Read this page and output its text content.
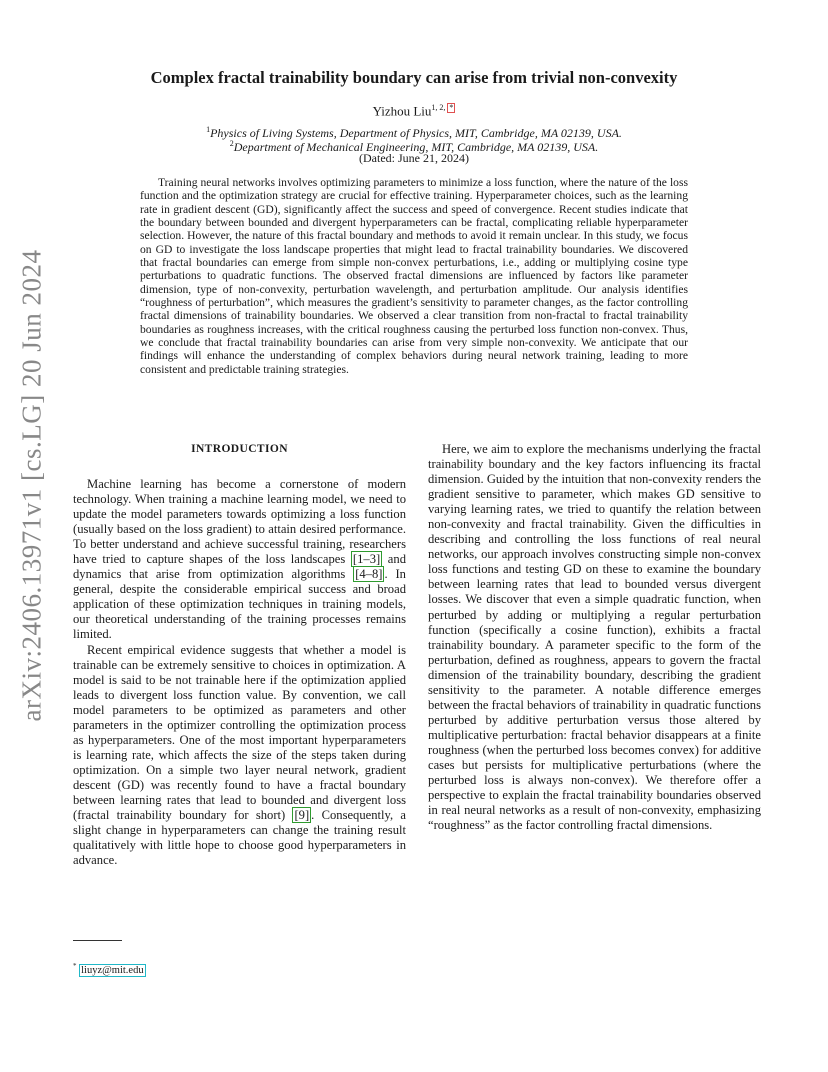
arXiv:2406.13971v1 [cs.LG] 20 Jun 2024
Complex fractal trainability boundary can arise from trivial non-convexity
Yizhou Liu$^{1, 2, *}$
$^1$Physics of Living Systems, Department of Physics, MIT, Cambridge, MA 02139, USA.
$^2$Department of Mechanical Engineering, MIT, Cambridge, MA 02139, USA.
(Dated: June 21, 2024)
Training neural networks involves optimizing parameters to minimize a loss function, where the nature of the loss function and the optimization strategy are crucial for effective training. Hyperparameter choices, such as the learning rate in gradient descent (GD), significantly affect the success and speed of convergence. Recent studies indicate that the boundary between bounded and divergent hyperparameters can be fractal, complicating reliable hyperparameter selection. However, the nature of this fractal boundary and methods to avoid it remain unclear. In this study, we focus on GD to investigate the loss landscape properties that might lead to fractal trainability boundaries. We discovered that fractal boundaries can emerge from simple non-convex perturbations, i.e., adding or multiplying cosine type perturbations to quadratic functions. The observed fractal dimensions are influenced by factors like parameter dimension, type of non-convexity, perturbation wavelength, and perturbation amplitude. Our analysis identifies “roughness of perturbation”, which measures the gradient’s sensitivity to parameter changes, as the factor controlling fractal dimensions of trainability boundaries. We observed a clear transition from non-fractal to fractal trainability boundaries as roughness increases, with the critical roughness causing the perturbed loss function non-convex. Thus, we conclude that fractal trainability boundaries can arise from very simple non-convexity. We anticipate that our findings will enhance the understanding of complex behaviors during neural network training, leading to more consistent and predictable training strategies.
INTRODUCTION

Machine learning has become a cornerstone of modern technology. When training a machine learning model, we need to update the model parameters towards optimizing a loss function (usually based on the loss gradient) to attain desired performance. To better understand and achieve successful training, researchers have tried to capture shapes of the loss landscapes [1–3] and dynamics that arise from optimization algorithms [4–8] . In general, despite the considerable empirical success and broad application of these optimization techniques in training models, our theoretical understanding of the training processes remains limited.

Recent empirical evidence suggests that whether a model is trainable can be extremely sensitive to choices in optimization. A model is said to be not trainable here if the optimization applied leads to divergent loss function value. By convention, we call model parameters to be optimized as parameters and other parameters in the optimizer controlling the optimization process as hyperparameters. One of the most important hyperparameters is learning rate, which affects the size of the steps taken during optimization. On a simple two layer neural network, gradient descent (GD) was recently found to have a fractal boundary between learning rates that lead to bounded and divergent loss (fractal trainability boundary for short) [9] . Consequently, a slight change in hyperparameters can change the training result qualitatively with little hope to choose good hyperparameters in advance.

Here, we aim to explore the mechanisms underlying the fractal trainability boundary and the key factors influencing its fractal dimension. Guided by the intuition that non-convexity renders the gradient sensitive to parameter, which makes GD sensitive to varying learning rates, we tried to quantify the relation between non-convexity and fractal trainability. Given the difficulties in describing and controlling the loss functions of real neural networks, our approach involves constructing simple non-convex loss functions and testing GD on these to examine the boundary between learning rates that lead to bounded versus divergent losses. We discover that even a simple quadratic function, when perturbed by adding or multiplying a regular perturbation function (specifically a cosine function), exhibits a fractal trainability boundary. A parameter specific to the form of the perturbation, defined as roughness, appears to govern the fractal dimension of the trainability boundary, describing the gradient sensitivity to the parameter. A notable difference emerges between the fractal behaviors of trainability in quadratic functions perturbed by additive perturbation versus those altered by multiplicative perturbation: fractal behavior disappears at a finite roughness (when the perturbed loss becomes convex) for additive cases but persists for multiplicative perturbations (where the perturbed loss is always non-convex). We therefore offer a perspective to explain the fractal trainability boundaries observed in real neural networks as a result of non-convexity, emphasizing “roughness” as the factor controlling fractal dimensions.

* liuyz@mit.edu
